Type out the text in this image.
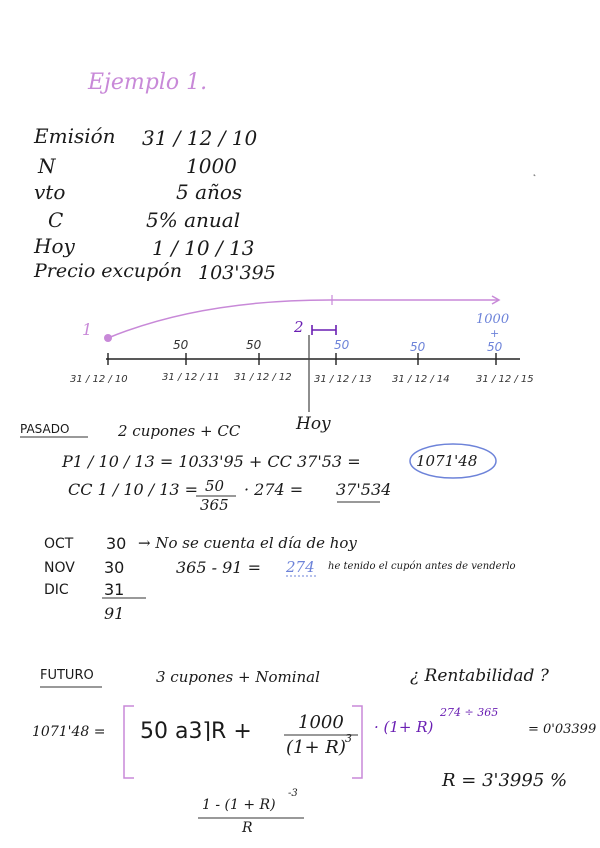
Ejemplo 1.
Emisión 31 / 12 / 10
N	1000
vto	5 años
C	5% anual
Hoy	1 / 10 / 13
Precio excupón 103'395
1	2	1000
+
50	50	50	50	50
31 / 12 / 10	31 / 12 / 11 31 / 12 / 12 31 / 12 / 13 31 / 12 / 14	31 / 12 / 15
Hoy
PASADO	2 cupones + CC
P1 / 10 / 13 = 1033'95 + CC 37'53 =	1071'48
CC 1 / 10 / 13 = 50
365
· 274 = 37'534
OCT 30 → No se cuenta el día de hoy
NOV 30	365 - 91 = 274 he tenido el cupón antes de venderlo
DIC 31
91
FUTURO	3 cupones + Nominal	¿ Rentabilidad ?
1071'48 = 50 a3⌉R +	1000
(1+ R) 3
· (1+ R)
274 ÷ 365
= 0'03399
R = 3'3995 %
1 - (1 + R)
-3
R
˛
